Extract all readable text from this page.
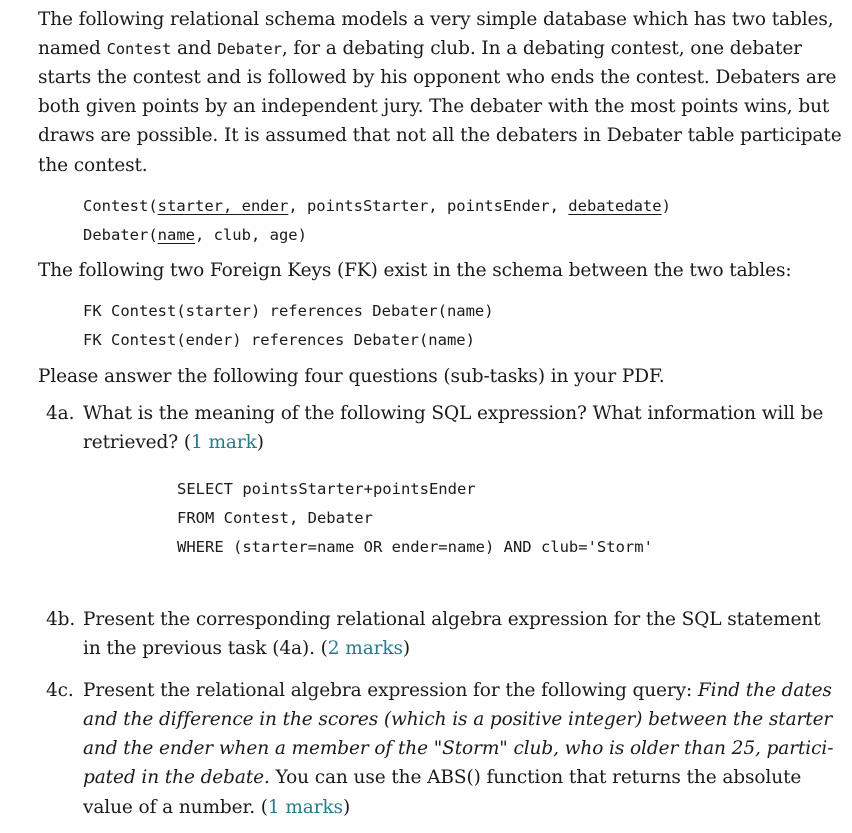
The following relational schema models a very simple database which has two tables,
named Contest and Debater, for a debating club. In a debating contest, one debater
starts the contest and is followed by his opponent who ends the contest. Debaters are
both given points by an independent jury. The debater with the most points wins, but
draws are possible. It is assumed that not all the debaters in Debater table participate
the contest.
Contest(starter, ender, pointsStarter, pointsEnder, debatedate)
Debater(name, club, age)
The following two Foreign Keys (FK) exist in the schema between the two tables:
FK Contest(starter) references Debater(name)
FK Contest(ender) references Debater(name)
Please answer the following four questions (sub-tasks) in your PDF.
4a. What is the meaning of the following SQL expression? What information will be
retrieved? (1 mark)
SELECT pointsStarter+pointsEnder
FROM Contest, Debater
WHERE (starter=name OR ender=name) AND club='Storm'
4b. Present the corresponding relational algebra expression for the SQL statement
in the previous task (4a). (2 marks)
4c. Present the relational algebra expression for the following query: Find the dates
and the difference in the scores (which is a positive integer) between the starter
and the ender when a member of the "Storm" club, who is older than 25, partici-
pated in the debate. You can use the ABS() function that returns the absolute
value of a number. (1 marks)
